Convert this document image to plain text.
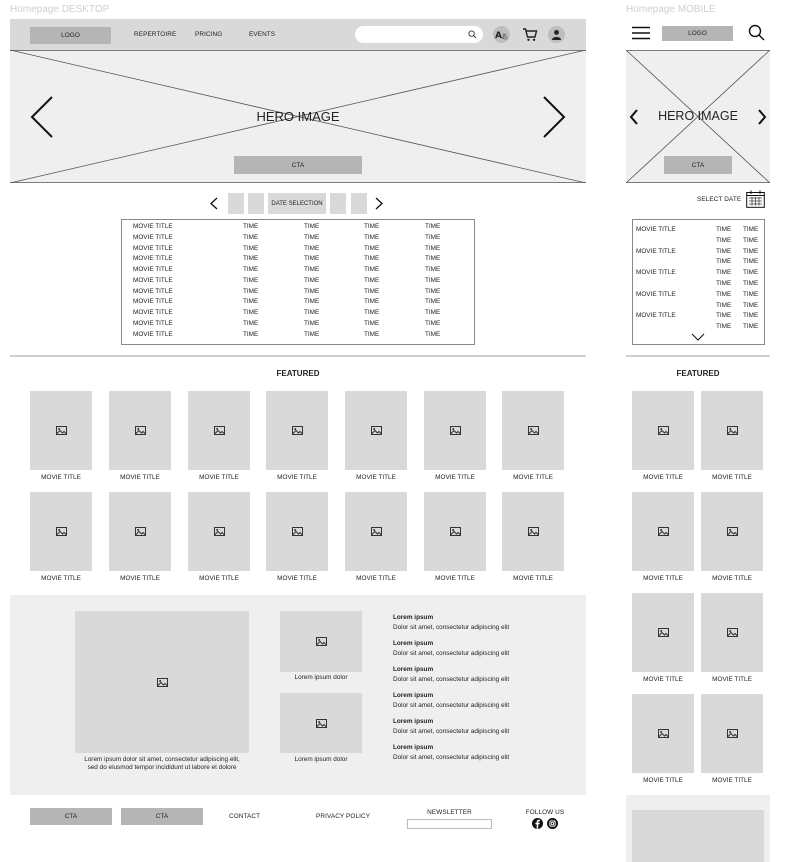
Homepage DESKTOP
LOGO	REPERTOIRE	PRICING	EVENTS	A あ
HERO IMAGE
CTA
DATE SELECTION
MOVIE TITLE	TIME	TIME	TIME	TIME
MOVIE TITLE	TIME	TIME	TIME	TIME
MOVIE TITLE	TIME	TIME	TIME	TIME
MOVIE TITLE	TIME	TIME	TIME	TIME
MOVIE TITLE	TIME	TIME	TIME	TIME
MOVIE TITLE	TIME	TIME	TIME	TIME
MOVIE TITLE	TIME	TIME	TIME	TIME
MOVIE TITLE	TIME	TIME	TIME	TIME
MOVIE TITLE	TIME	TIME	TIME	TIME
MOVIE TITLE	TIME	TIME	TIME	TIME
MOVIE TITLE	TIME	TIME	TIME	TIME
FEATURED
MOVIE TITLE	MOVIE TITLE	MOVIE TITLE	MOVIE TITLE	MOVIE TITLE	MOVIE TITLE	MOVIE TITLE
MOVIE TITLE	MOVIE TITLE	MOVIE TITLE	MOVIE TITLE	MOVIE TITLE	MOVIE TITLE	MOVIE TITLE
Lorem ipsum dolor sit amet, consectetur adipiscing elit,
sed do eiusmod tempor incididunt ut labore et dolore
Lorem ipsum dolor
Lorem ipsum dolor
Lorem ipsum
Dolor sit amet, consectetur adipiscing elit
Lorem ipsum
Dolor sit amet, consectetur adipiscing elit
Lorem ipsum
Dolor sit amet, consectetur adipiscing elit
Lorem ipsum
Dolor sit amet, consectetur adipiscing elit
Lorem ipsum
Dolor sit amet, consectetur adipiscing elit
Lorem ipsum
Dolor sit amet, consectetur adipiscing elit
CTA	CTA	CONTACT	PRIVACY POLICY
NEWSLETTER	FOLLOW US
Homepage MOBILE
LOGO
HERO IMAGE
CTA
SELECT DATE
MOVIE TITLE	TIME TIME
TIME TIME
MOVIE TITLE	TIME TIME
TIME TIME
MOVIE TITLE	TIME TIME
TIME TIME
MOVIE TITLE	TIME TIME
TIME TIME
MOVIE TITLE	TIME TIME
TIME TIME
FEATURED
MOVIE TITLE	MOVIE TITLE
MOVIE TITLE	MOVIE TITLE
MOVIE TITLE	MOVIE TITLE
MOVIE TITLE	MOVIE TITLE
